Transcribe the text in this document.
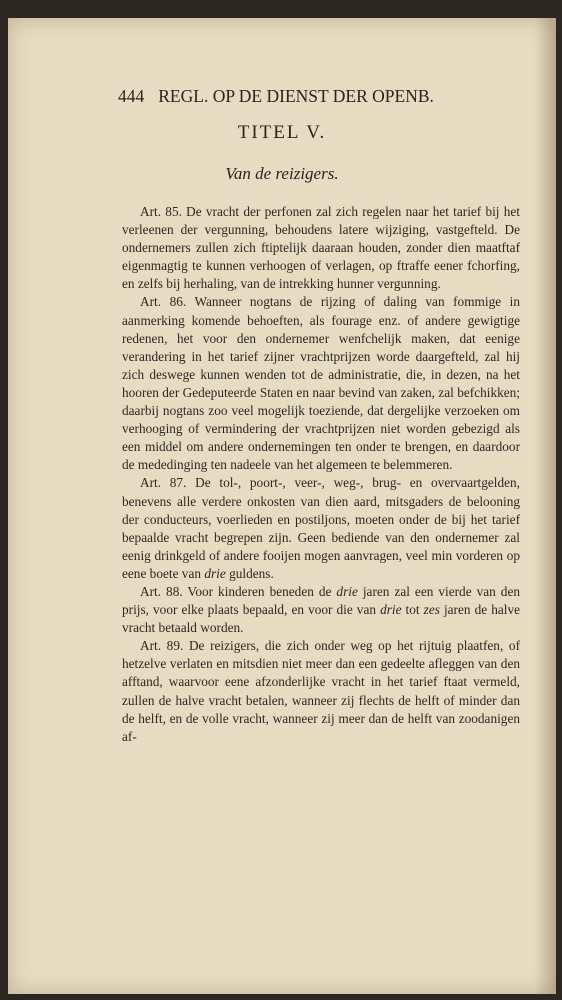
444 REGL. OP DE DIENST DER OPENB.
TITEL V.
Van de reizigers.

Art. 85. De vracht der perfonen zal zich regelen naar het tarief bij het verleenen der vergunning, behoudens latere wijziging, vastgefteld. De ondernemers zullen zich ftiptelijk daaraan houden, zonder dien maatftaf eigenmagtig te kunnen verhoogen of verlagen, op ftraffe eener fchorfing, en zelfs bij herhaling, van de intrekking hunner vergunning.

Art. 86. Wanneer nogtans de rijzing of daling van fommige in aanmerking komende behoeften, als fourage enz. of andere gewigtige redenen, het voor den ondernemer wenfchelijk maken, dat eenige verandering in het tarief zijner vrachtprijzen worde daargefteld, zal hij zich deswege kunnen wenden tot de administratie, die, in dezen, na het hooren der Gedeputeerde Staten en naar bevind van zaken, zal befchikken; daarbij nogtans zoo veel mogelijk toeziende, dat dergelijke verzoeken om verhooging of vermindering der vrachtprijzen niet worden gebezigd als een middel om andere ondernemingen ten onder te brengen, en daardoor de mededinging ten nadeele van het algemeen te belemmeren.

Art. 87. De tol-, poort-, veer-, weg-, brug- en overvaartgelden, benevens alle verdere onkosten van dien aard, mitsgaders de belooning der conducteurs, voerlieden en postiljons, moeten onder de bij het tarief bepaalde vracht begrepen zijn. Geen bediende van den ondernemer zal eenig drinkgeld of andere fooijen mogen aanvragen, veel min vorderen op eene boete van drie guldens.

Art. 88. Voor kinderen beneden de drie jaren zal een vierde van den prijs, voor elke plaats bepaald, en voor die van drie tot zes jaren de halve vracht betaald worden.

Art. 89. De reizigers, die zich onder weg op het rijtuig plaatfen, of hetzelve verlaten en mitsdien niet meer dan een gedeelte afleggen van den afftand, waarvoor eene afzonderlijke vracht in het tarief ftaat vermeld, zullen de halve vracht betalen, wanneer zij flechts de helft of minder dan de helft, en de volle vracht, wanneer zij meer dan de helft van zoodanigen af-
